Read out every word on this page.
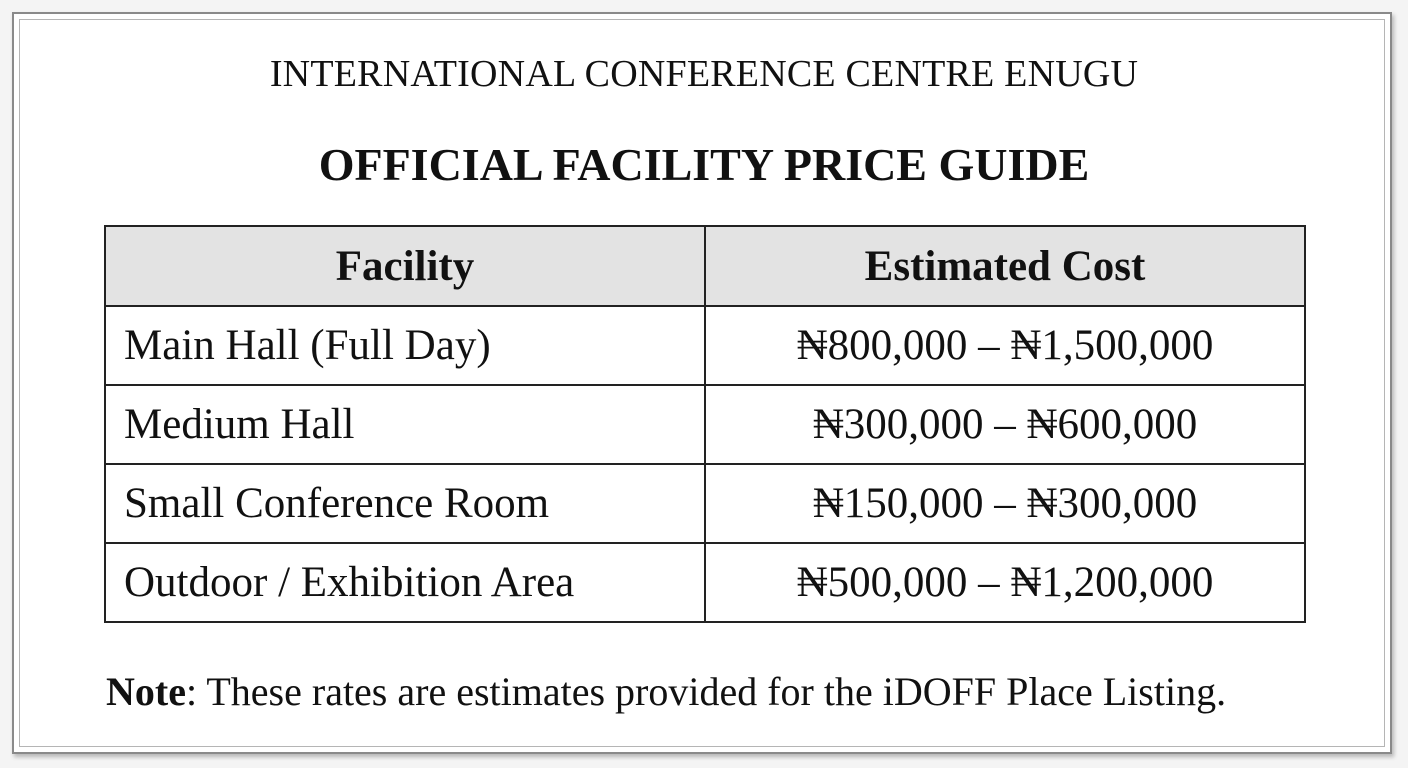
INTERNATIONAL CONFERENCE CENTRE ENUGU
OFFICIAL FACILITY PRICE GUIDE
Facility	Estimated Cost
Main Hall (Full Day)	₦800,000 – ₦1,500,000
Medium Hall	₦300,000 – ₦600,000
Small Conference Room	₦150,000 – ₦300,000
Outdoor / Exhibition Area	₦500,000 – ₦1,200,000
Note: These rates are estimates provided for the iDOFF Place Listing.
